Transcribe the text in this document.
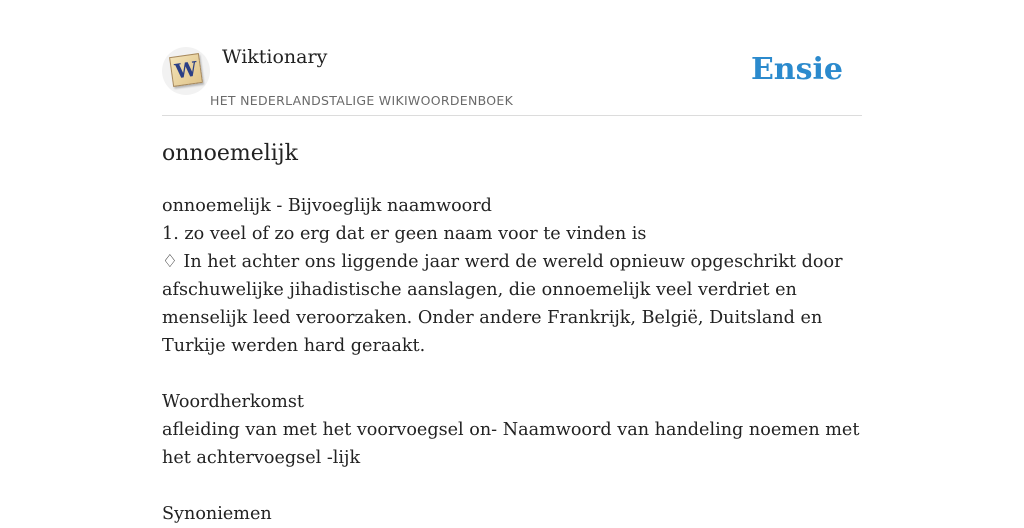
W Wiktionary
HET NEDERLANDSTALIGE WIKIWOORDENBOEK
Ensie
onnoemelijk

onnoemelijk - Bijvoeglijk naamwoord

1. zo veel of zo erg dat er geen naam voor te vinden is

♢ In het achter ons liggende jaar werd de wereld opnieuw opgeschrikt door afschuwelijke jihadistische aanslagen, die onnoemelijk veel verdriet en menselijk leed veroorzaken. Onder andere Frankrijk, België, Duitsland en Turkije werden hard geraakt.

Woordherkomst

afleiding van met het voorvoegsel on- Naamwoord van handeling noemen met het achtervoegsel -lijk

Synoniemen
